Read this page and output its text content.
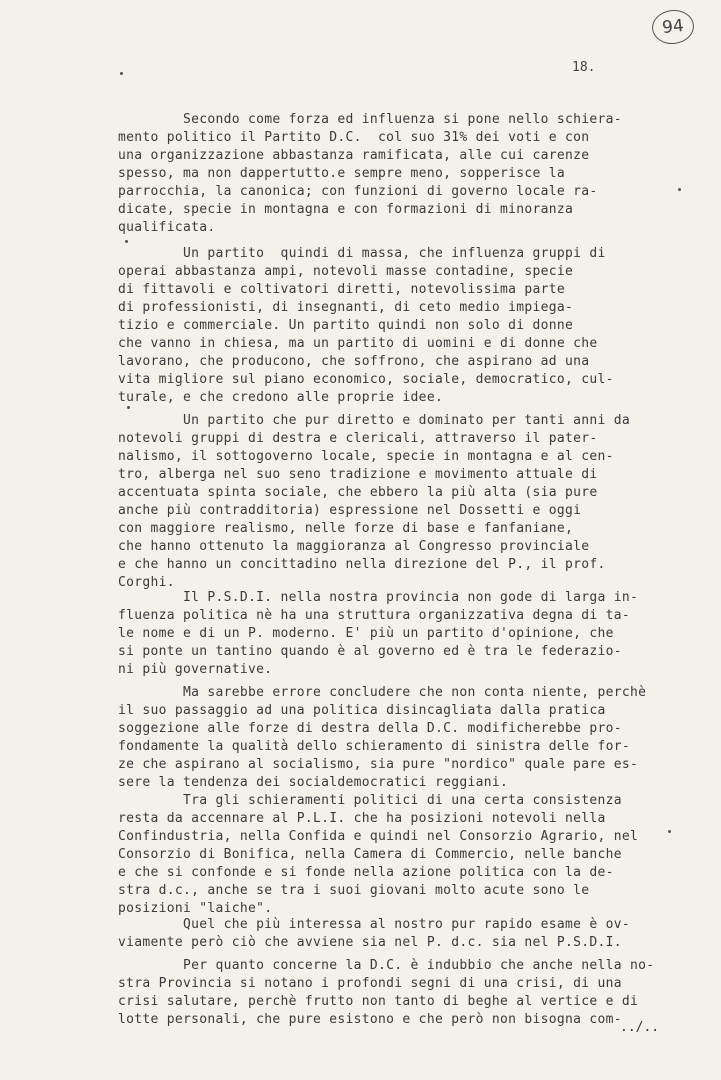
94
18.
Secondo come forza ed influenza si pone nello schiera-
mento politico il Partito D.C.  col suo 31% dei voti e con
una organizzazione abbastanza ramificata, alle cui carenze
spesso, ma non dappertutto.e sempre meno, sopperisce la
parrocchia, la canonica; con funzioni di governo locale ra-
dicate, specie in montagna e con formazioni di minoranza
qualificata.
Un partito  quindi di massa, che influenza gruppi di
operai abbastanza ampi, notevoli masse contadine, specie
di fittavoli e coltivatori diretti, notevolissima parte
di professionisti, di insegnanti, di ceto medio impiega-
tizio e commerciale. Un partito quindi non solo di donne
che vanno in chiesa, ma un partito di uomini e di donne che
lavorano, che producono, che soffrono, che aspirano ad una
vita migliore sul piano economico, sociale, democratico, cul-
turale, e che credono alle proprie idee.
Un partito che pur diretto e dominato per tanti anni da
notevoli gruppi di destra e clericali, attraverso il pater-
nalismo, il sottogoverno locale, specie in montagna e al cen-
tro, alberga nel suo seno tradizione e movimento attuale di
accentuata spinta sociale, che ebbero la più alta (sia pure
anche più contradditoria) espressione nel Dossetti e oggi
con maggiore realismo, nelle forze di base e fanfaniane,
che hanno ottenuto la maggioranza al Congresso provinciale
e che hanno un concittadino nella direzione del P., il prof.
Corghi.
Il P.S.D.I. nella nostra provincia non gode di larga in-
fluenza politica nè ha una struttura organizzativa degna di ta-
le nome e di un P. moderno. E' più un partito d'opinione, che
si ponte un tantino quando è al governo ed è tra le federazio-
ni più governative.
Ma sarebbe errore concludere che non conta niente, perchè
il suo passaggio ad una politica disincagliata dalla pratica
soggezione alle forze di destra della D.C. modificherebbe pro-
fondamente la qualità dello schieramento di sinistra delle for-
ze che aspirano al socialismo, sia pure "nordico" quale pare es-
sere la tendenza dei socialdemocratici reggiani.
Tra gli schieramenti politici di una certa consistenza
resta da accennare al P.L.I. che ha posizioni notevoli nella
Confindustria, nella Confida e quindi nel Consorzio Agrario, nel
Consorzio di Bonifica, nella Camera di Commercio, nelle banche
e che si confonde e si fonde nella azione politica con la de-
stra d.c., anche se tra i suoi giovani molto acute sono le
posizioni "laiche".
Quel che più interessa al nostro pur rapido esame è ov-
viamente però ciò che avviene sia nel P. d.c. sia nel P.S.D.I.
Per quanto concerne la D.C. è indubbio che anche nella no-
stra Provincia si notano i profondi segni di una crisi, di una
crisi salutare, perchè frutto non tanto di beghe al vertice e di
lotte personali, che pure esistono e che però non bisogna com-
../..
